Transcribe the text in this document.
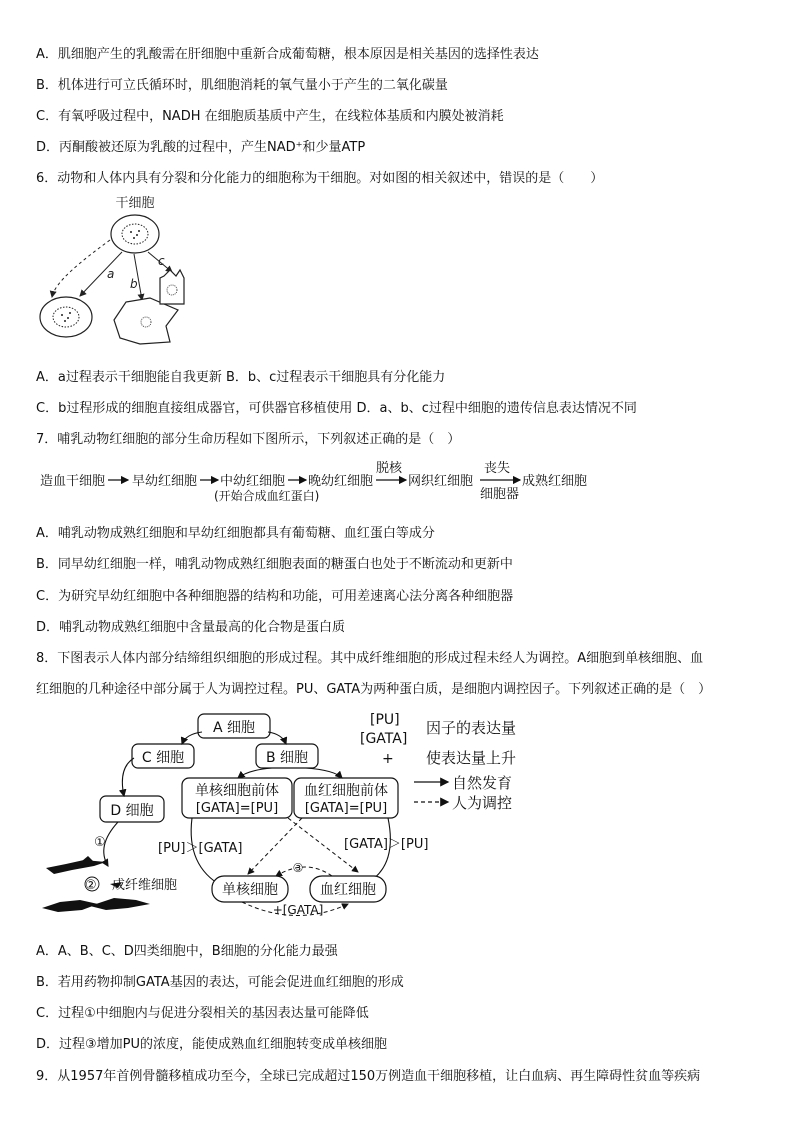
A．肌细胞产生的乳酸需在肝细胞中重新合成葡萄糖，根本原因是相关基因的选择性表达
B．机体进行可立氏循环时，肌细胞消耗的氧气量小于产生的二氧化碳量
C．有氧呼吸过程中，NADH 在细胞质基质中产生，在线粒体基质和内膜处被消耗
D．丙酮酸被还原为乳酸的过程中，产生NAD⁺和少量ATP
6．动物和人体内具有分裂和分化能力的细胞称为干细胞。对如图的相关叙述中，错误的是（　　）
干细胞
a
b
c
A．a过程表示干细胞能自我更新 B．b、c过程表示干细胞具有分化能力
C．b过程形成的细胞直接组成器官，可供器官移植使用 D．a、b、c过程中细胞的遗传信息表达情况不同
7．哺乳动物红细胞的部分生命历程如下图所示，下列叙述正确的是（　）
造血干细胞 早幼红细胞 中幼红细胞
(开始合成血红蛋白)
晚幼红细胞
脱核
网织红细胞
丧失
细胞器
成熟红细胞
A．哺乳动物成熟红细胞和早幼红细胞都具有葡萄糖、血红蛋白等成分
B．同早幼红细胞一样，哺乳动物成熟红细胞表面的糖蛋白也处于不断流动和更新中
C．为研究早幼红细胞中各种细胞器的结构和功能，可用差速离心法分离各种细胞器
D．哺乳动物成熟红细胞中含量最高的化合物是蛋白质
8．下图表示人体内部分结缔组织细胞的形成过程。其中成纤维细胞的形成过程未经人为调控。A细胞到单核细胞、血
红细胞的几种途径中部分属于人为调控过程。PU、GATA为两种蛋白质，是细胞内调控因子。下列叙述正确的是（　）
A 细胞
C 细胞	B 细胞
D 细胞
单核细胞前体
[GATA]=[PU]
血红细胞前体
[GATA]=[PU]
单核细胞	血红细胞
+[GATA]
③
[PU]＞[GATA]	[GATA]＞[PU]
①
② 成纤维细胞
[PU]
[GATA]
+
因子的表达量
使表达量上升
自然发育
人为调控
A．A、B、C、D四类细胞中，B细胞的分化能力最强
B．若用药物抑制GATA基因的表达，可能会促进血红细胞的形成
C．过程①中细胞内与促进分裂相关的基因表达量可能降低
D．过程③增加PU的浓度，能使成熟血红细胞转变成单核细胞
9．从1957年首例骨髓移植成功至今，全球已完成超过150万例造血干细胞移植，让白血病、再生障碍性贫血等疾病
